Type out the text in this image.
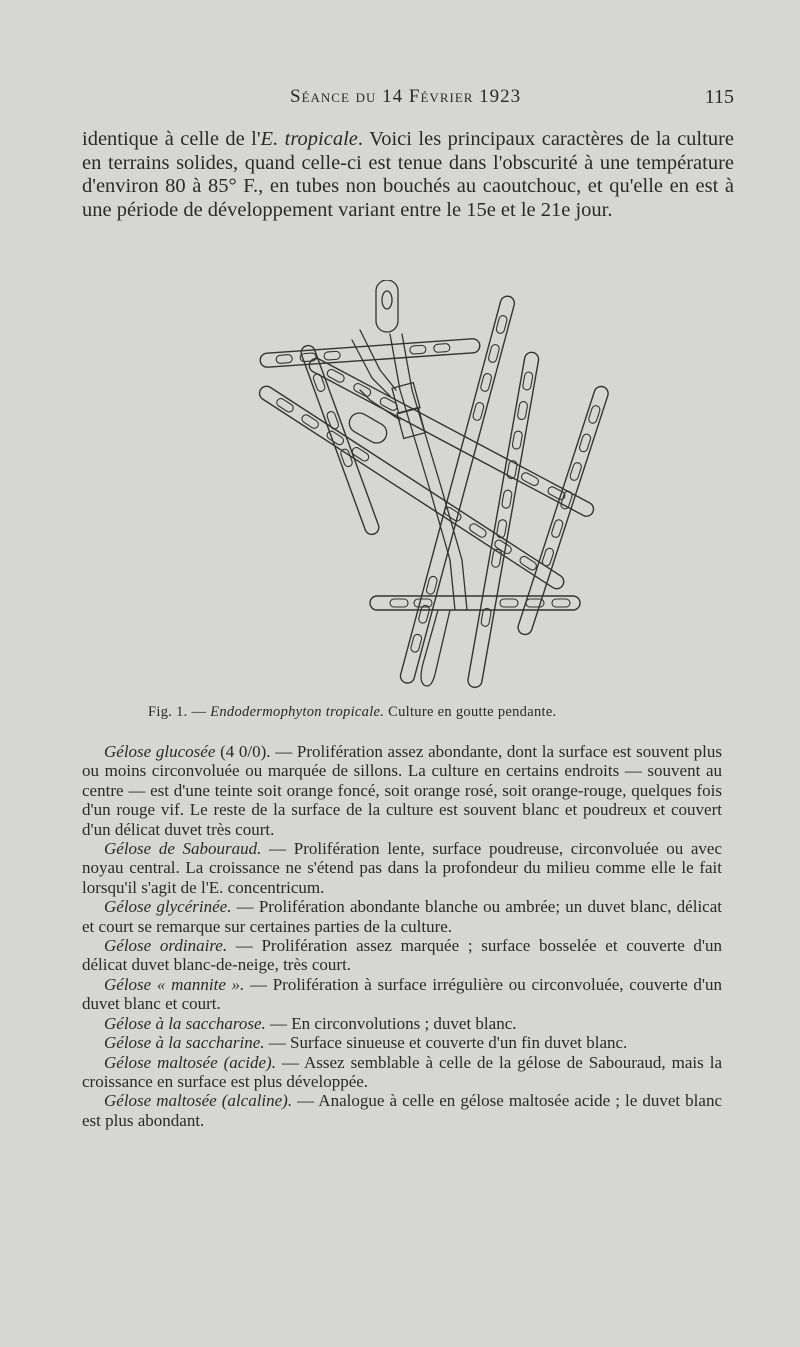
Séance du 14 Février 1923	115

identique à celle de l'E. tropicale. Voici les principaux caractères de la culture en terrains solides, quand celle-ci est tenue dans l'obscurité à une température d'environ 80 à 85° F., en tubes non bouchés au caoutchouc, et qu'elle en est à une période de développement variant entre le 15e et le 21e jour.

Fig. 1. — Endodermophyton tropicale. Culture en goutte pendante.

Gélose glucosée (4 0/0). — Prolifération assez abondante, dont la surface est souvent plus ou moins circonvoluée ou marquée de sillons. La culture en certains endroits — souvent au centre — est d'une teinte soit orange foncé, soit orange rosé, soit orange-rouge, quelques fois d'un rouge vif. Le reste de la surface de la culture est souvent blanc et poudreux et couvert d'un délicat duvet très court.

Gélose de Sabouraud. — Prolifération lente, surface poudreuse, circonvoluée ou avec noyau central. La croissance ne s'étend pas dans la profondeur du milieu comme elle le fait lorsqu'il s'agit de l'E. concentricum.

Gélose glycérinée. — Prolifération abondante blanche ou ambrée; un duvet blanc, délicat et court se remarque sur certaines parties de la culture.

Gélose ordinaire. — Prolifération assez marquée ; surface bosselée et couverte d'un délicat duvet blanc-de-neige, très court.

Gélose « mannite ». — Prolifération à surface irrégulière ou circonvoluée, couverte d'un duvet blanc et court.

Gélose à la saccharose. — En circonvolutions ; duvet blanc.

Gélose à la saccharine. — Surface sinueuse et couverte d'un fin duvet blanc.

Gélose maltosée (acide). — Assez semblable à celle de la gélose de Sabouraud, mais la croissance en surface est plus développée.

Gélose maltosée (alcaline). — Analogue à celle en gélose maltosée acide ; le duvet blanc est plus abondant.
